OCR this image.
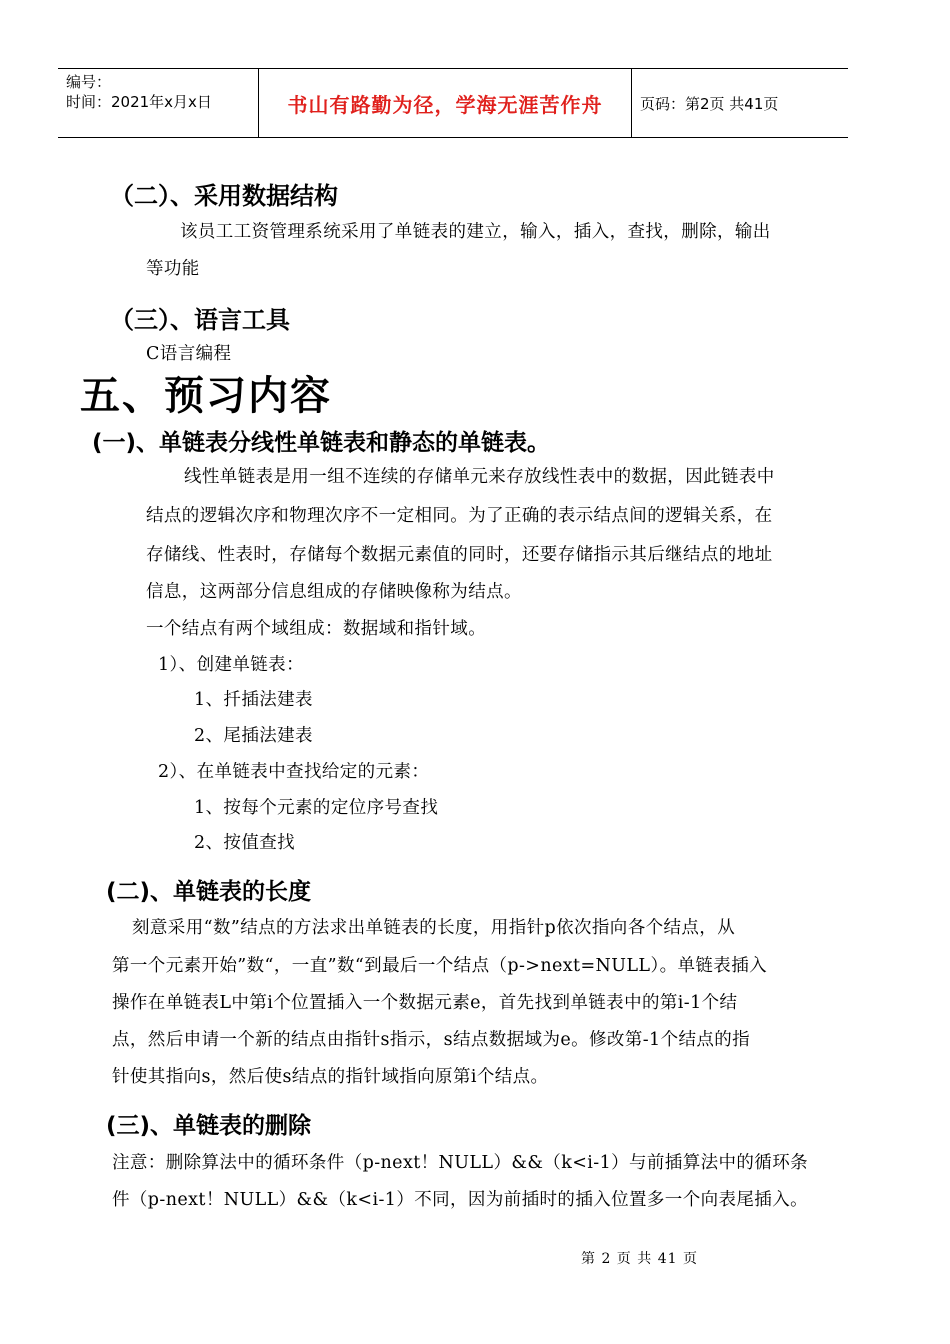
编号：
时间：2021年x月x日	书山有路勤为径，学海无涯苦作舟	页码：第2页 共41页
（二）、采用数据结构
该员工工资管理系统采用了单链表的建立，输入，插入，查找，删除，输出
等功能
（三）、语言工具
C语言编程
五、预习内容
(一)、单链表分线性单链表和静态的单链表。
线性单链表是用一组不连续的存储单元来存放线性表中的数据，因此链表中
结点的逻辑次序和物理次序不一定相同。为了正确的表示结点间的逻辑关系，在
存储线、性表时，存储每个数据元素值的同时，还要存储指示其后继结点的地址
信息，这两部分信息组成的存储映像称为结点。
一个结点有两个域组成：数据域和指针域。
1）、创建单链表：
1、扦插法建表
2、尾插法建表
2）、在单链表中查找给定的元素：
1、按每个元素的定位序号查找
2、按值查找
(二)、单链表的长度
刻意采用“数”结点的方法求出单链表的长度，用指针p依次指向各个结点，从
第一个元素开始”数“，一直”数“到最后一个结点（p->next=NULL）。单链表插入
操作在单链表L中第i个位置插入一个数据元素e，首先找到单链表中的第i-1个结
点，然后申请一个新的结点由指针s指示，s结点数据域为e。修改第-1个结点的指
针使其指向s，然后使s结点的指针域指向原第i个结点。
(三)、单链表的删除
注意：删除算法中的循环条件（p-next！NULL）&&（k<i-1）与前插算法中的循环条
件（p-next！NULL）&&（k<i-1）不同，因为前插时的插入位置多一个向表尾插入。
第 2 页 共 41 页
